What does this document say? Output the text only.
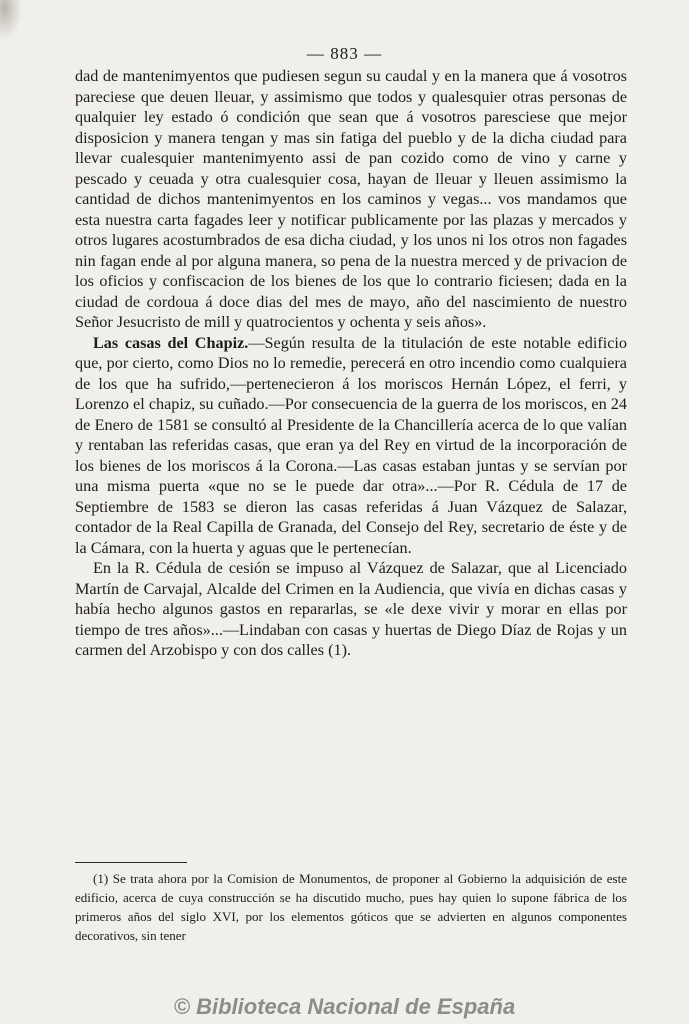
— 883 —

dad de mantenimyentos que pudiesen segun su caudal y en la manera que á vosotros pareciese que deuen lleuar, y assimismo que todos y qualesquier otras personas de qualquier ley estado ó condición que sean que á vosotros paresciese que mejor disposicion y manera tengan y mas sin fatiga del pueblo y de la dicha ciudad para llevar cualesquier mantenimyento assi de pan cozido como de vino y carne y pescado y ceuada y otra cualesquier cosa, hayan de lleuar y lleuen assimismo la cantidad de dichos mantenimyentos en los caminos y vegas... vos mandamos que esta nuestra carta fagades leer y notificar publicamente por las plazas y mercados y otros lugares acostumbrados de esa dicha ciudad, y los unos ni los otros non fagades nin fagan ende al por alguna manera, so pena de la nuestra merced y de privacion de los oficios y confiscacion de los bienes de los que lo contrario ficiesen; dada en la ciudad de cordoua á doce dias del mes de mayo, año del nascimiento de nuestro Señor Jesucristo de mill y quatrocientos y ochenta y seis años».

Las casas del Chapiz.—Según resulta de la titulación de este notable edificio que, por cierto, como Dios no lo remedie, perecerá en otro incendio como cualquiera de los que ha sufrido,—pertenecieron á los moriscos Hernán López, el ferri, y Lorenzo el chapiz, su cuñado.—Por consecuencia de la guerra de los moriscos, en 24 de Enero de 1581 se consultó al Presidente de la Chancillería acerca de lo que valían y rentaban las referidas casas, que eran ya del Rey en virtud de la incorporación de los bienes de los moriscos á la Corona.—Las casas estaban juntas y se servían por una misma puerta «que no se le puede dar otra»...—Por R. Cédula de 17 de Septiembre de 1583 se dieron las casas referidas á Juan Vázquez de Salazar, contador de la Real Capilla de Granada, del Consejo del Rey, secretario de éste y de la Cámara, con la huerta y aguas que le pertenecían.

En la R. Cédula de cesión se impuso al Vázquez de Salazar, que al Licenciado Martín de Carvajal, Alcalde del Crimen en la Audiencia, que vivía en dichas casas y había hecho algunos gastos en repararlas, se «le dexe vivir y morar en ellas por tiempo de tres años»...—Lindaban con casas y huertas de Diego Díaz de Rojas y un carmen del Arzobispo y con dos calles (1).

(1) Se trata ahora por la Comision de Monumentos, de proponer al Gobierno la adquisición de este edificio, acerca de cuya construcción se ha discutido mucho, pues hay quien lo supone fábrica de los primeros años del siglo XVI, por los elementos góticos que se advierten en algunos componentes decorativos, sin tener
© Biblioteca Nacional de España
